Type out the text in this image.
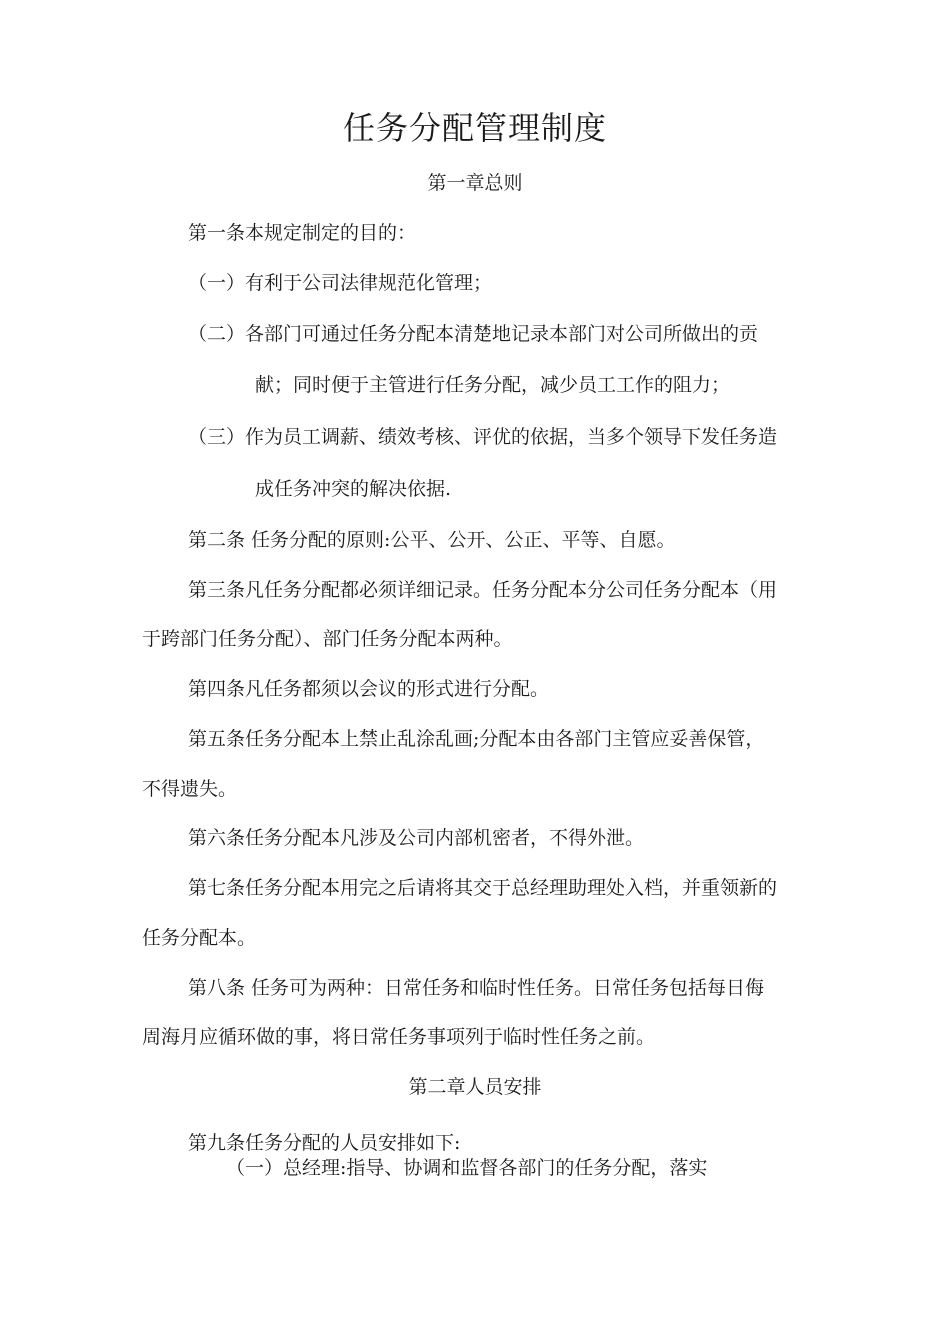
任务分配管理制度
第一章总则
第一条本规定制定的目的：
（一）有利于公司法律规范化管理；
（二）各部门可通过任务分配本清楚地记录本部门对公司所做出的贡
献；同时便于主管进行任务分配，减少员工工作的阻力；
（三）作为员工调薪、绩效考核、评优的依据，当多个领导下发任务造
成任务冲突的解决依据.
第二条 任务分配的原则:公平、公开、公正、平等、自愿。
第三条凡任务分配都必须详细记录。任务分配本分公司任务分配本（用
于跨部门任务分配）、部门任务分配本两种。
第四条凡任务都须以会议的形式进行分配。
第五条任务分配本上禁止乱涂乱画;分配本由各部门主管应妥善保管，
不得遗失。
第六条任务分配本凡涉及公司内部机密者，不得外泄。
第七条任务分配本用完之后请将其交于总经理助理处入档，并重领新的
任务分配本。
第八条 任务可为两种：日常任务和临时性任务。日常任务包括每日侮
周海月应循环做的事，将日常任务事项列于临时性任务之前。
第二章人员安排
第九条任务分配的人员安排如下:
（一）总经理:指导、协调和监督各部门的任务分配，落实
